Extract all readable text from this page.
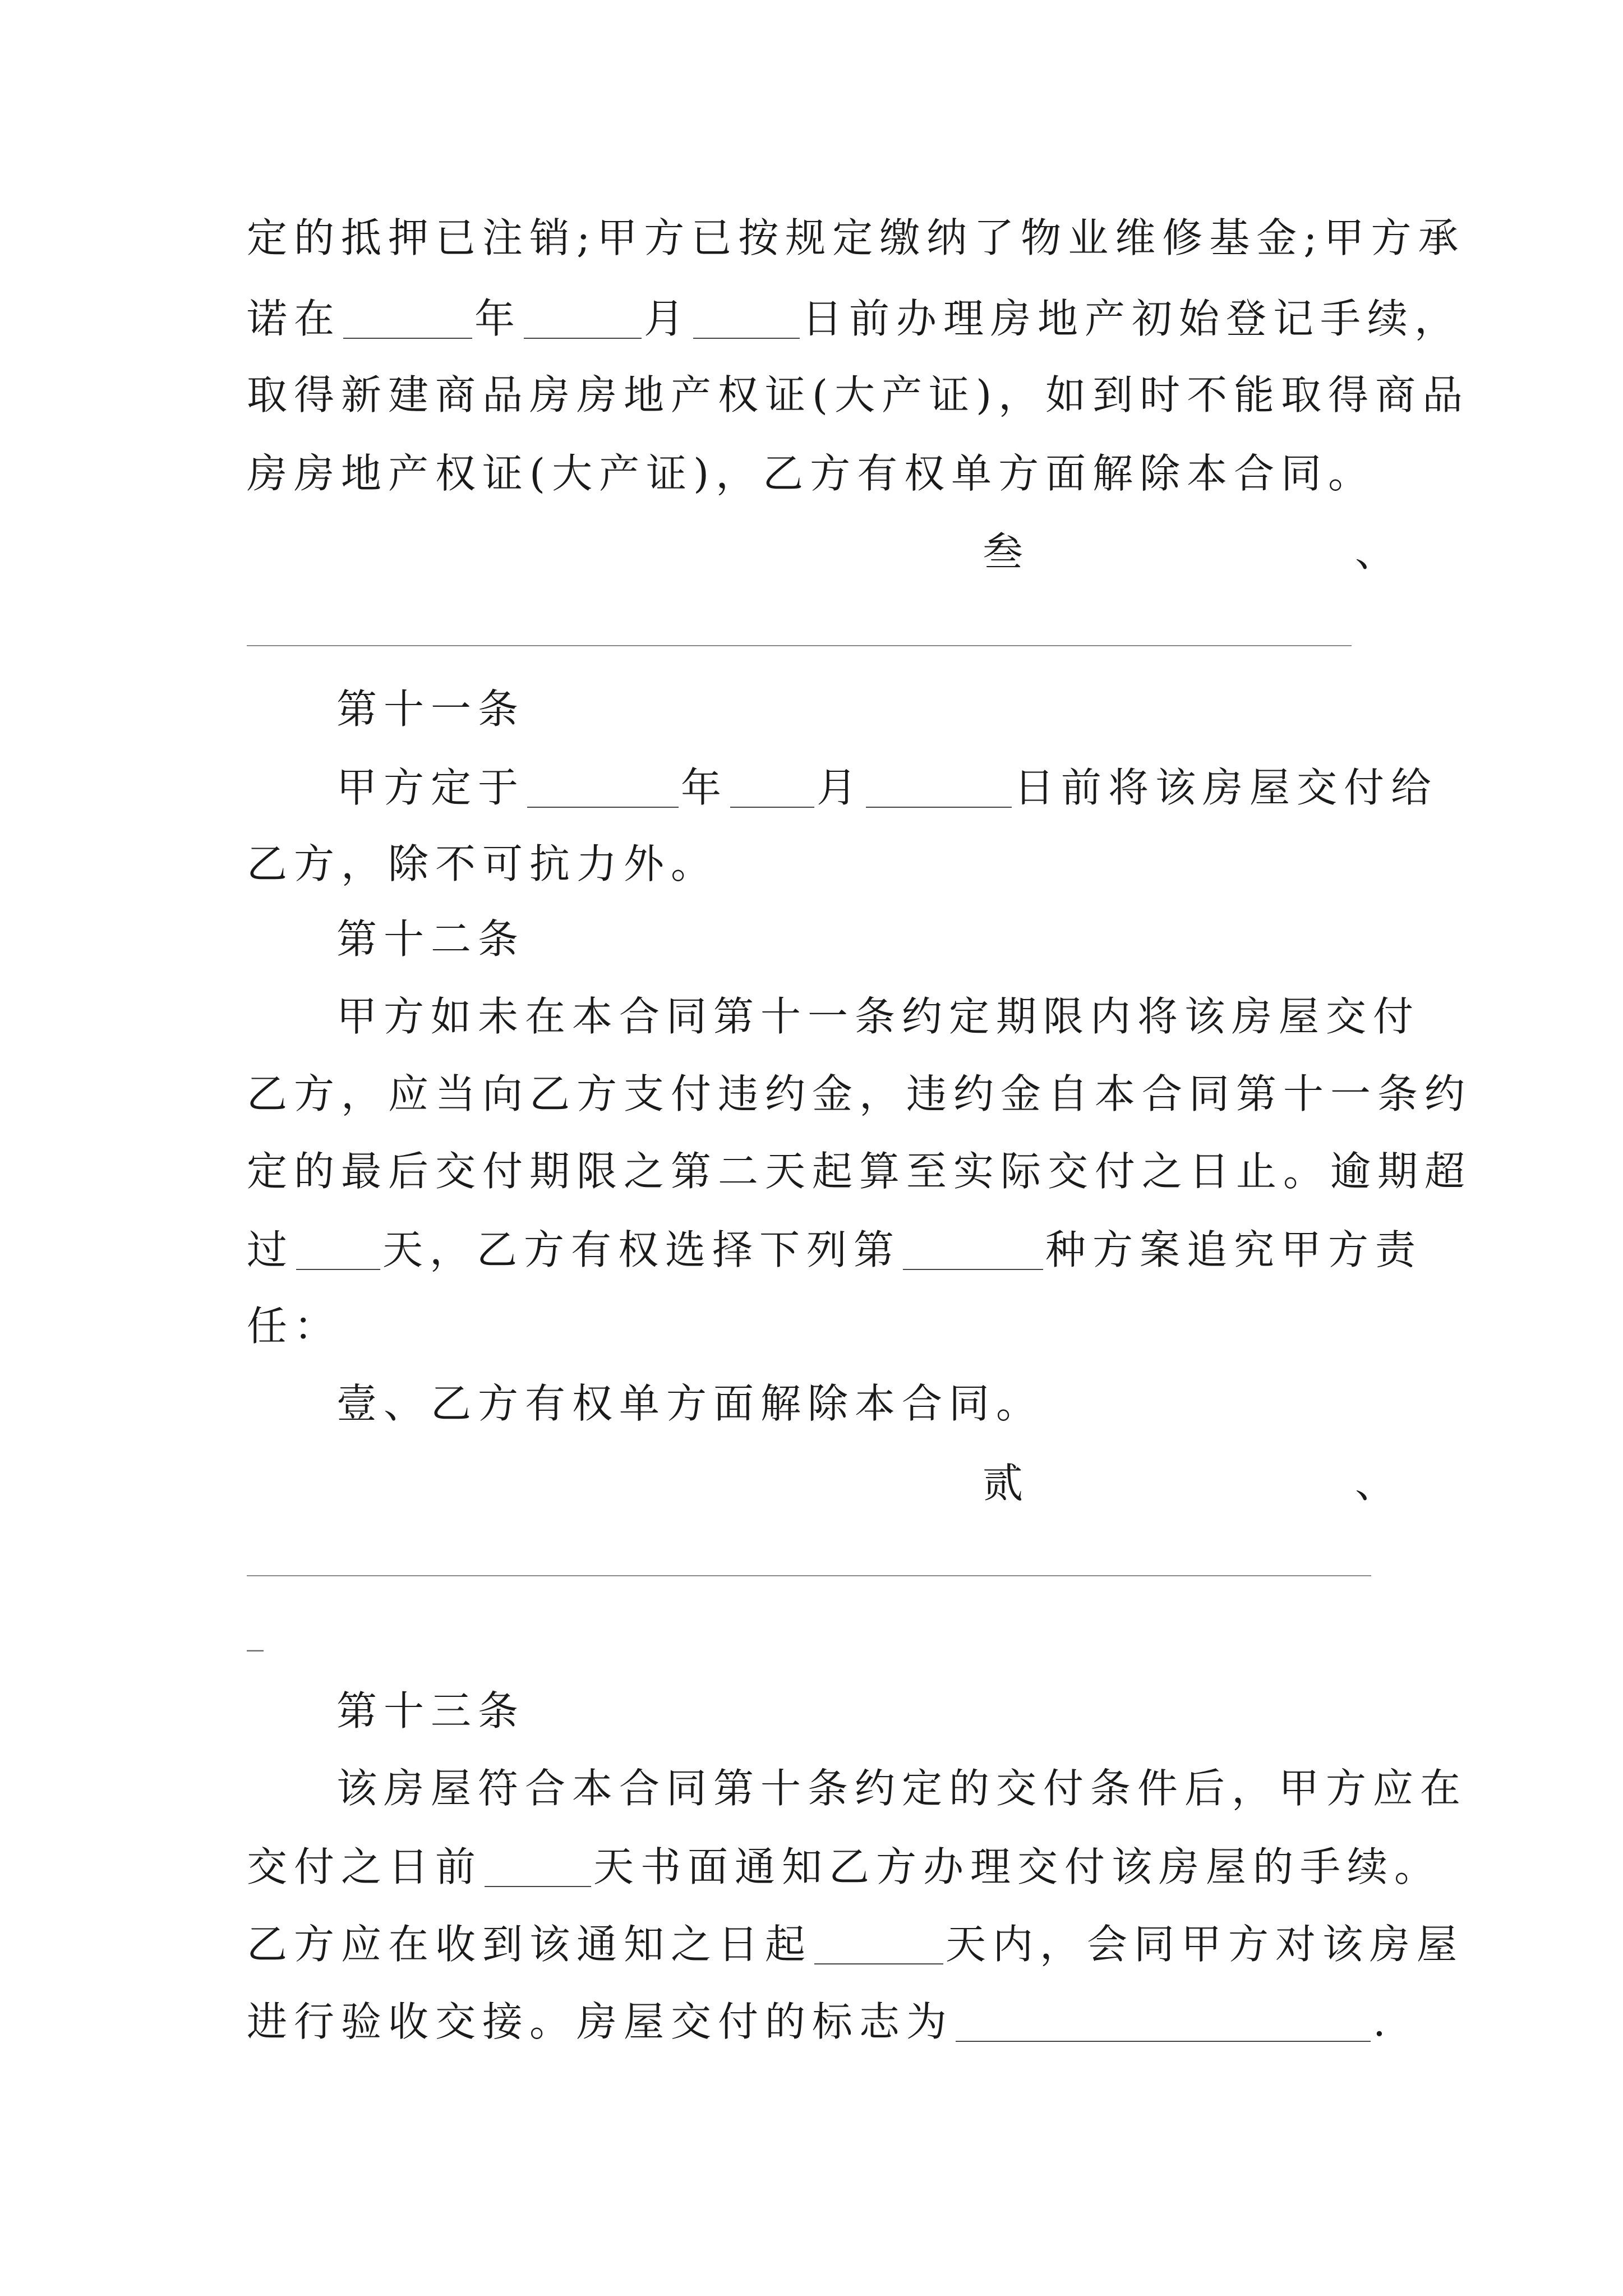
定的抵押已注销;甲方已按规定缴纳了物业维修基金;甲方承
诺在	年	月	日前办理房地产初始登记手续，
取得新建商品房房地产权证(大产证)，如到时不能取得商品
房房地产权证(大产证)，乙方有权单方面解除本合同。
叁	、
第十一条
甲方定于	年 月	日前将该房屋交付给
乙方，除不可抗力外。
第十二条
甲方如未在本合同第十一条约定期限内将该房屋交付
乙方，应当向乙方支付违约金，违约金自本合同第十一条约
定的最后交付期限之第二天起算至实际交付之日止。逾期超
过 天，乙方有权选择下列第	种方案追究甲方责
任：
壹、乙方有权单方面解除本合同。
贰	、
_
第十三条
该房屋符合本合同第十条约定的交付条件后，甲方应在
交付之日前	天书面通知乙方办理交付该房屋的手续。
乙方应在收到该通知之日起	天内，会同甲方对该房屋
进行验收交接。房屋交付的标志为	.
